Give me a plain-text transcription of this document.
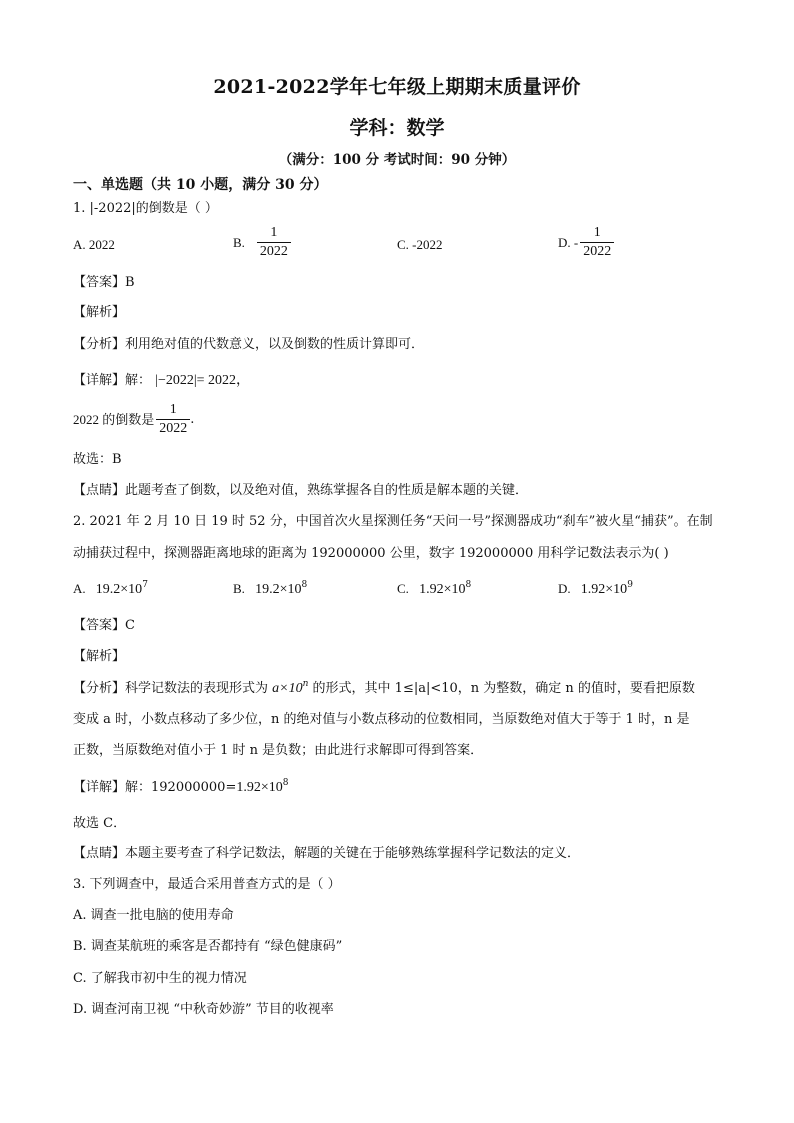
2021-2022学年七年级上期期末质量评价
学科：数学
（满分：100 分 考试时间：90 分钟）
一、单选题（共 10 小题，满分 30 分）
1. |-2022|的倒数是（ ）
A. 2022	B. $\frac{1}{2022}$	C. -2022	D. - $\frac{1}{2022}$
【答案】B
【解析】
【分析】利用绝对值的代数意义，以及倒数的性质计算即可．
【详解】解： |−2022|= 2022，
2022 的倒数是 $\frac{1}{2022}$ .
故选：B
【点睛】此题考查了倒数，以及绝对值，熟练掌握各自的性质是解本题的关键．
2. 2021 年 2 月 10 日 19 时 52 分，中国首次火星探测任务“天问一号”探测器成功“刹车”被火星“捕获”。在制
动捕获过程中，探测器距离地球的距离为 192000000 公里，数字 192000000 用科学记数法表示为( )
A. $19.2\times 10^7$	B. $19.2\times 10^8$	C. $1.92\times 10^8$	D. $1.92\times 10^9$
【答案】C
【解析】
【分析】科学记数法的表现形式为 $a\times 10^n$ 的形式，其中 1≤|a|<10，n 为整数，确定 n 的值时，要看把原数
变成 a 时，小数点移动了多少位，n 的绝对值与小数点移动的位数相同，当原数绝对值大于等于 1 时，n 是
正数，当原数绝对值小于 1 时 n 是负数；由此进行求解即可得到答案．
【详解】解：$192000000=1.92\times 10^8$
故选 C．
【点睛】本题主要考查了科学记数法，解题的关键在于能够熟练掌握科学记数法的定义．
3. 下列调查中，最适合采用普查方式的是（ ）
A. 调查一批电脑的使用寿命
B. 调查某航班的乘客是否都持有 “绿色健康码”
C. 了解我市初中生的视力情况
D. 调查河南卫视 “中秋奇妙游” 节目的收视率
